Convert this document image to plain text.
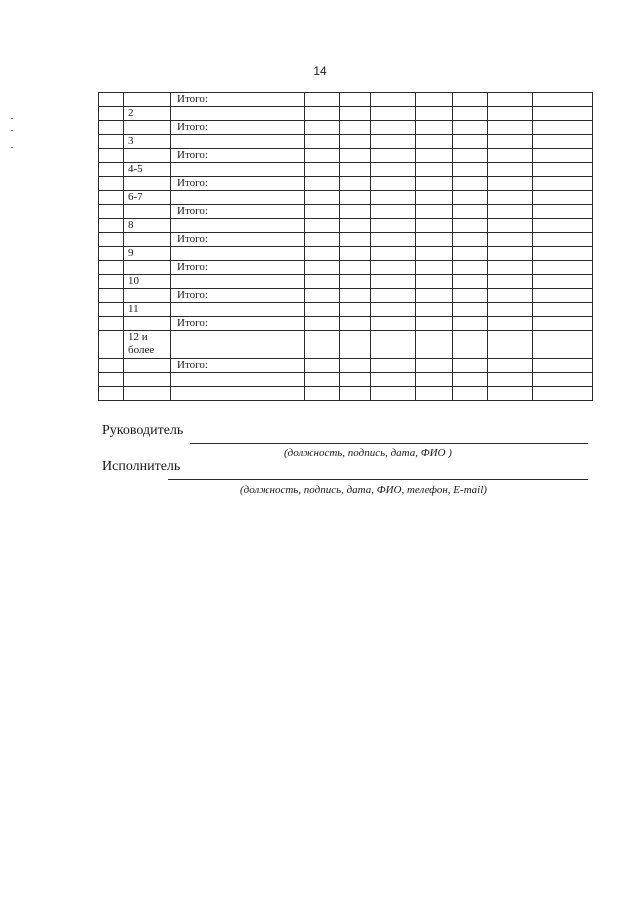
14
		Итого:							
	2								
		Итого:							
	3								
		Итого:							
	4-5								
		Итого:							
	6-7								
		Итого:							
	8								
		Итого:							
	9								
		Итого:							
	10								
		Итого:							
	11								
		Итого:							
	12 и
более								
		Итого:							

Руководитель
(должность, подпись, дата, ФИО )
Исполнитель
(должность, подпись, дата, ФИО, телефон, E-mail)
